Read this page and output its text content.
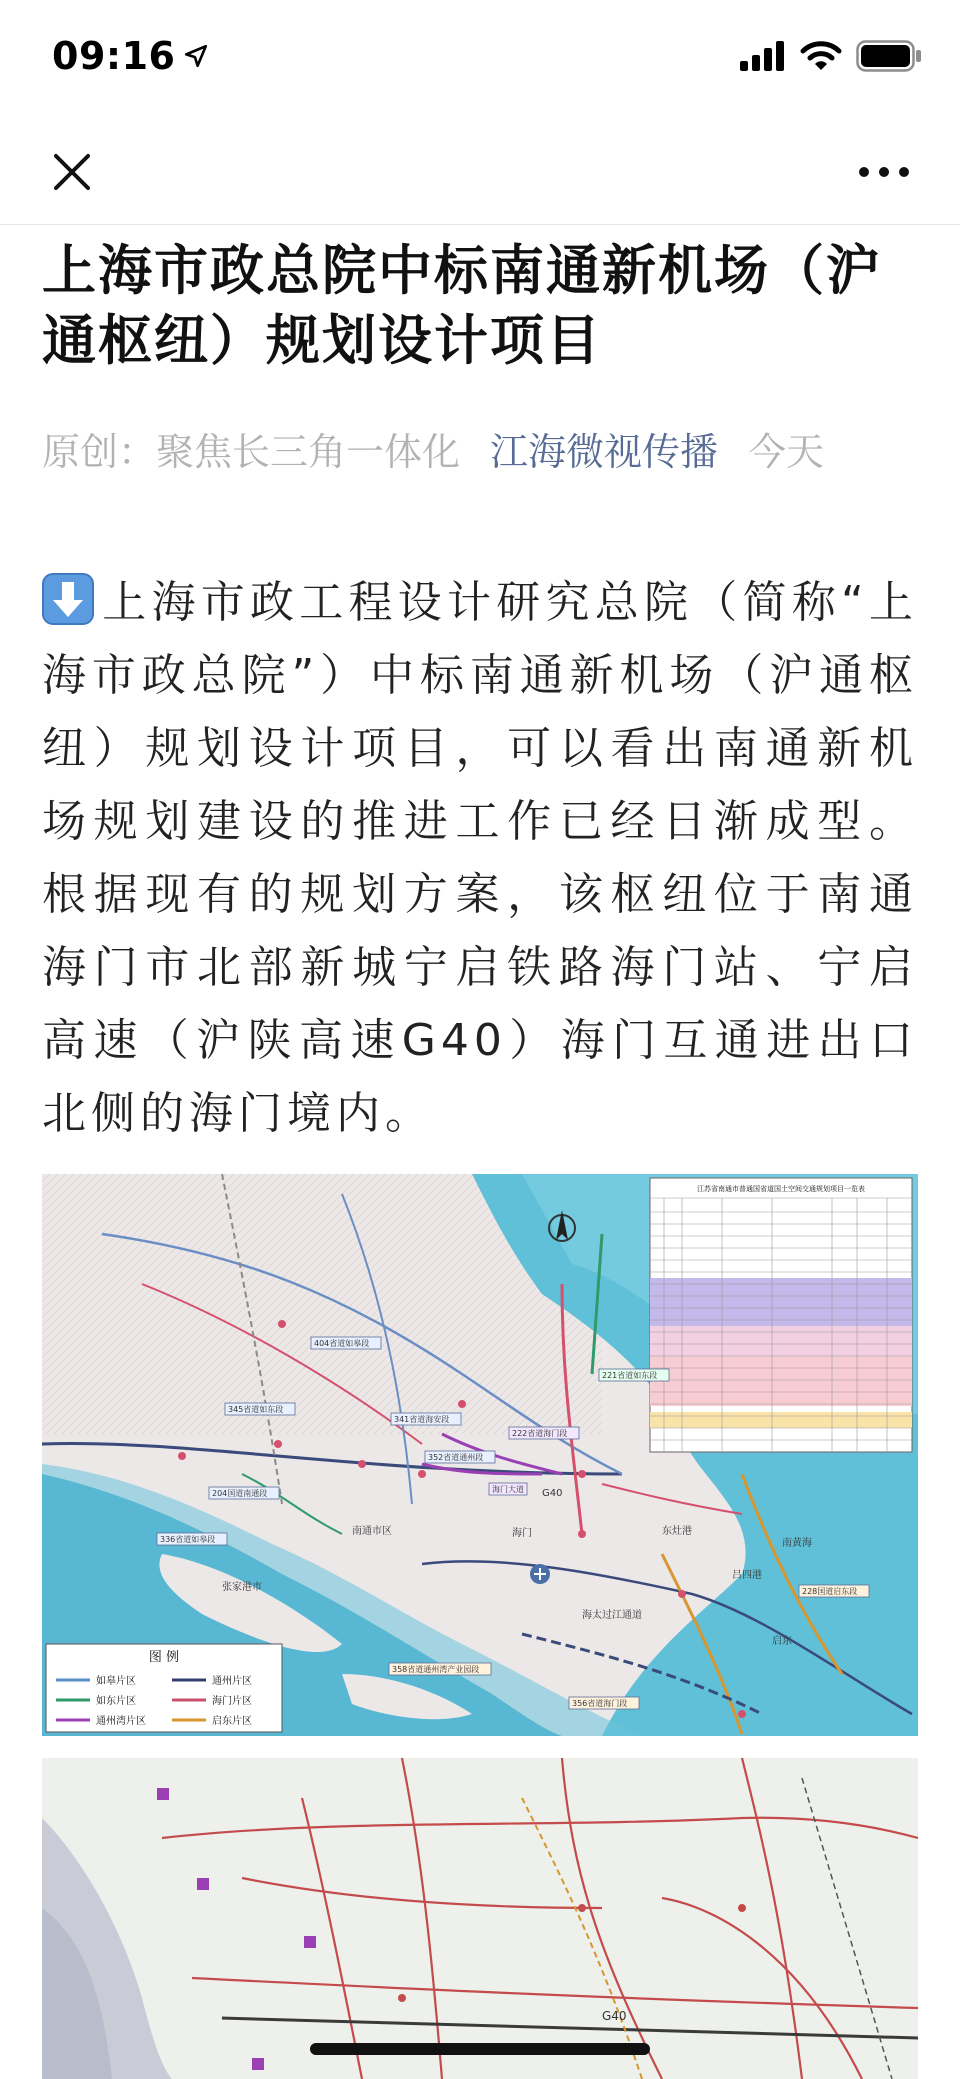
09:16
上海市政总院中标南通新机场（沪通枢纽）规划设计项目
原创：聚焦长三角一体化 江海微视传播 今天

上海市政工程设计研究总院（简称“上海市政总院”）中标南通新机场（沪通枢纽）规划设计项目，可以看出南通新机场规划建设的推进工作已经日渐成型。根据现有的规划方案，该枢纽位于南通海门市北部新城宁启铁路海门站、宁启高速（沪陕高速G40）海门互通进出口北侧的海门境内。

江苏省南通市普通国省道国土空间交通规划项目一览表
图 例
如皋片区	通州片区
如东片区	海门片区
通州湾片区	启东片区
404省道如皋段
345省道如东段
341省道海安段
204国道南通段
336省道如皋段
222省道海门段
352省道通州段
221省道如东段
海门大道
海门
南通市区
张家港市
东灶港
南黄海
吕四港
启东
228国道启东段
358省道通州湾产业园段
356省道海门段
海太过江通道
G40
G40
